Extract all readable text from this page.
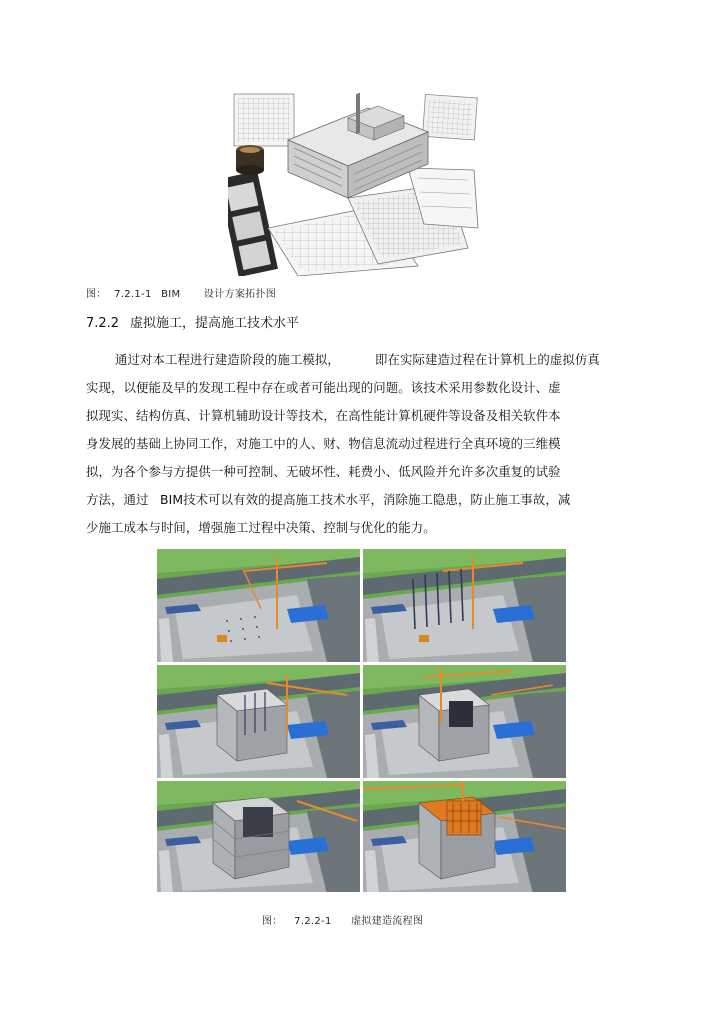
图： 7.2.1-1 BIM 设计方案拓扑图
7.2.2 虚拟施工，提高施工技术水平
通过对本工程进行建造阶段的施工模拟，	即在实际建造过程在计算机上的虚拟仿真
实现，以便能及早的发现工程中存在或者可能出现的问题。该技术采用参数化设计、虚
拟现实、结构仿真、计算机辅助设计等技术，在高性能计算机硬件等设备及相关软件本
身发展的基础上协同工作，对施工中的人、财、物信息流动过程进行全真环境的三维模
拟，为各个参与方提供一种可控制、无破坏性、耗费小、低风险并允许多次重复的试验
方法，通过 BIM技术可以有效的提高施工技术水平，消除施工隐患，防止施工事故，减
少施工成本与时间，增强施工过程中决策、控制与优化的能力。
图： 7.2.2-1 虚拟建造流程图
